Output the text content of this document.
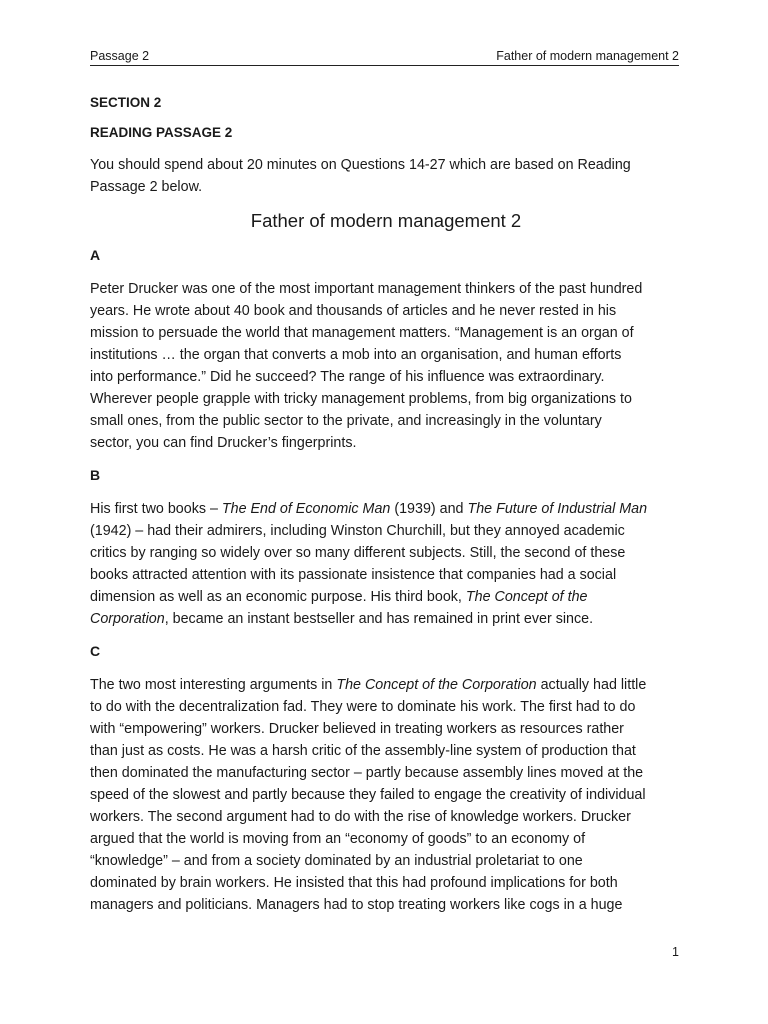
Passage 2	Father of modern management 2

SECTION 2

READING PASSAGE 2

You should spend about 20 minutes on Questions 14-27 which are based on Reading
Passage 2 below.

Father of modern management 2

A

Peter Drucker was one of the most important management thinkers of the past hundred
years. He wrote about 40 book and thousands of articles and he never rested in his
mission to persuade the world that management matters. “Management is an organ of
institutions … the organ that converts a mob into an organisation, and human efforts
into performance.” Did he succeed? The range of his influence was extraordinary.
Wherever people grapple with tricky management problems, from big organizations to
small ones, from the public sector to the private, and increasingly in the voluntary
sector, you can find Drucker’s fingerprints.

B

His first two books – The End of Economic Man (1939) and The Future of Industrial Man
(1942) – had their admirers, including Winston Churchill, but they annoyed academic
critics by ranging so widely over so many different subjects. Still, the second of these
books attracted attention with its passionate insistence that companies had a social
dimension as well as an economic purpose. His third book, The Concept of the
Corporation, became an instant bestseller and has remained in print ever since.

C

The two most interesting arguments in The Concept of the Corporation actually had little
to do with the decentralization fad. They were to dominate his work. The first had to do
with “empowering” workers. Drucker believed in treating workers as resources rather
than just as costs. He was a harsh critic of the assembly-line system of production that
then dominated the manufacturing sector – partly because assembly lines moved at the
speed of the slowest and partly because they failed to engage the creativity of individual
workers. The second argument had to do with the rise of knowledge workers. Drucker
argued that the world is moving from an “economy of goods” to an economy of
“knowledge” – and from a society dominated by an industrial proletariat to one
dominated by brain workers. He insisted that this had profound implications for both
managers and politicians. Managers had to stop treating workers like cogs in a huge

1
